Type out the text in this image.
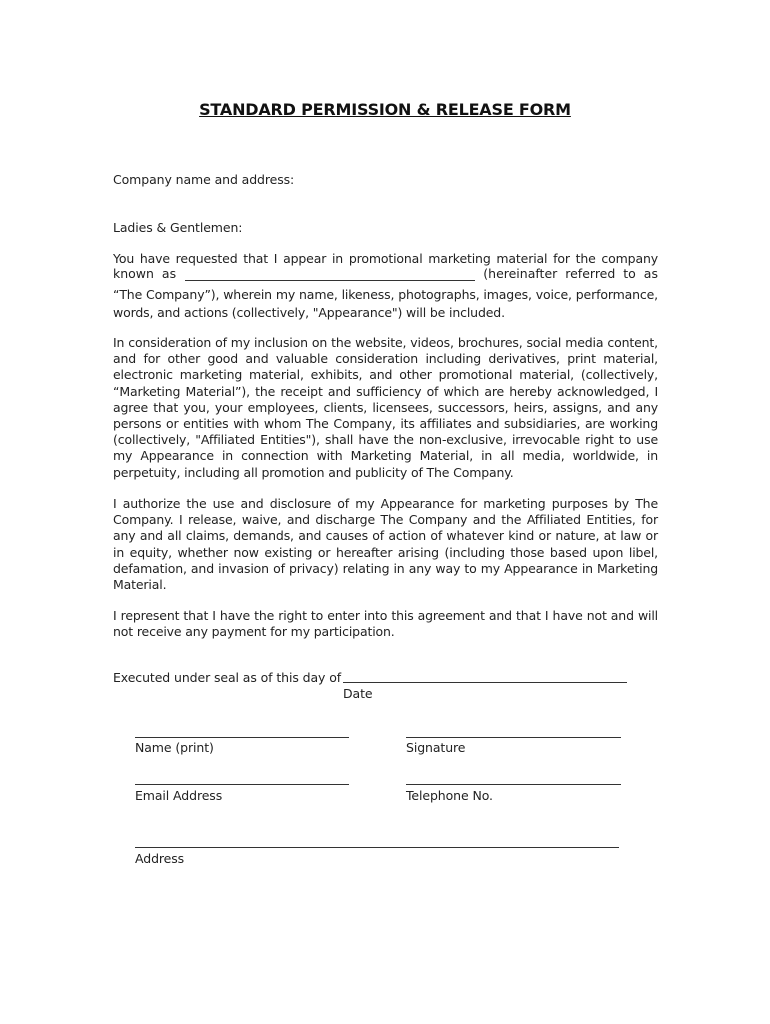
STANDARD PERMISSION & RELEASE FORM
Company name and address:
Ladies & Gentlemen:
You have requested that I appear in promotional marketing material for the company
known as	(hereinafter referred to as
“The Company”), wherein my name, likeness, photographs, images, voice, performance,
words, and actions (collectively, "Appearance") will be included.
In consideration of my inclusion on the website, videos, brochures, social media content, and for other good and valuable consideration including derivatives, print material, electronic marketing material, exhibits, and other promotional material, (collectively, “Marketing Material”), the receipt and sufficiency of which are hereby acknowledged, I agree that you, your employees, clients, licensees, successors, heirs, assigns, and any persons or entities with whom The Company, its affiliates and subsidiaries, are working (collectively, "Affiliated Entities"), shall have the non-exclusive, irrevocable right to use my Appearance in connection with Marketing Material, in all media, worldwide, in perpetuity, including all promotion and publicity of The Company.
I authorize the use and disclosure of my Appearance for marketing purposes by The Company. I release, waive, and discharge The Company and the Affiliated Entities, for any and all claims, demands, and causes of action of whatever kind or nature, at law or in equity, whether now existing or hereafter arising (including those based upon libel, defamation, and invasion of privacy) relating in any way to my Appearance in Marketing Material.
I represent that I have the right to enter into this agreement and that I have not and will not receive any payment for my participation.
Executed under seal as of this day of
Date
Name (print)	Signature
Email Address	Telephone No.
Address
